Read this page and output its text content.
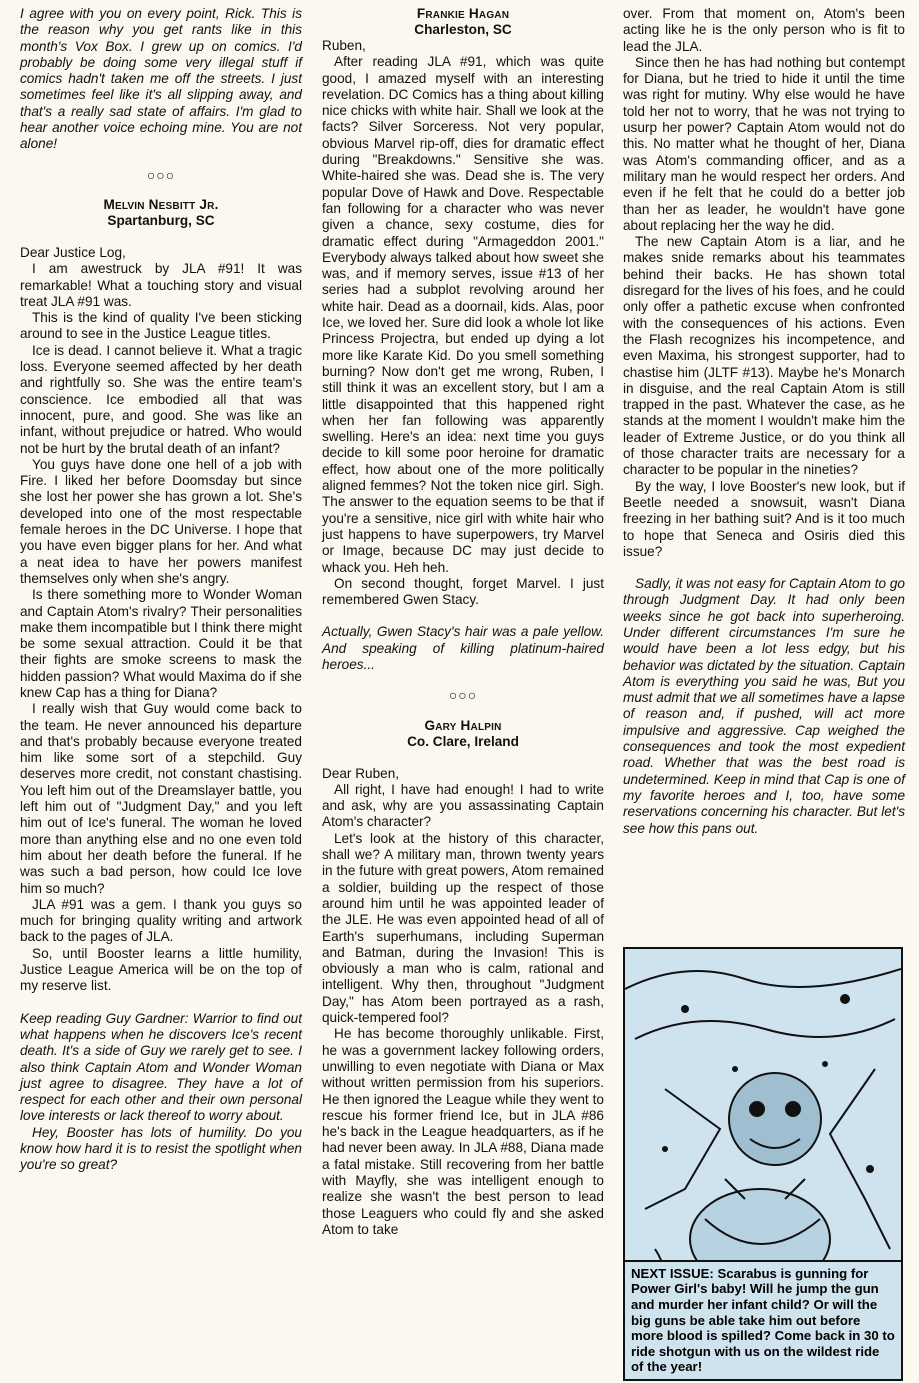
I agree with you on every point, Rick. This is the reason why you get rants like in this month's Vox Box. I grew up on comics. I'd probably be doing some very illegal stuff if comics hadn't taken me off the streets. I just sometimes feel like it's all slipping away, and that's a really sad state of affairs. I'm glad to hear another voice echoing mine. You are not alone!

○○○
Melvin Nesbitt Jr.
Spartanburg, SC

Dear Justice Log,

I am awestruck by JLA #91! It was remarkable! What a touching story and visual treat JLA #91 was.

This is the kind of quality I've been sticking around to see in the Justice League titles.

Ice is dead. I cannot believe it. What a tragic loss. Everyone seemed affected by her death and rightfully so. She was the entire team's conscience. Ice embodied all that was innocent, pure, and good. She was like an infant, without prejudice or hatred. Who would not be hurt by the brutal death of an infant?

You guys have done one hell of a job with Fire. I liked her before Doomsday but since she lost her power she has grown a lot. She's developed into one of the most respectable female heroes in the DC Universe. I hope that you have even bigger plans for her. And what a neat idea to have her powers manifest themselves only when she's angry.

Is there something more to Wonder Woman and Captain Atom's rivalry? Their personalities make them incompatible but I think there might be some sexual attraction. Could it be that their fights are smoke screens to mask the hidden passion? What would Maxima do if she knew Cap has a thing for Diana?

I really wish that Guy would come back to the team. He never announced his departure and that's probably because everyone treated him like some sort of a stepchild. Guy deserves more credit, not constant chastising. You left him out of the Dreamslayer battle, you left him out of "Judgment Day," and you left him out of Ice's funeral. The woman he loved more than anything else and no one even told him about her death before the funeral. If he was such a bad person, how could Ice love him so much?

JLA #91 was a gem. I thank you guys so much for bringing quality writing and artwork back to the pages of JLA.

So, until Booster learns a little humility, Justice League America will be on the top of my reserve list.

Keep reading Guy Gardner: Warrior to find out what happens when he discovers Ice's recent death. It's a side of Guy we rarely get to see. I also think Captain Atom and Wonder Woman just agree to disagree. They have a lot of respect for each other and their own personal love interests or lack thereof to worry about.

Hey, Booster has lots of humility. Do you know how hard it is to resist the spotlight when you're so great?

Frankie Hagan
Charleston, SC

Ruben,

After reading JLA #91, which was quite good, I amazed myself with an interesting revelation. DC Comics has a thing about killing nice chicks with white hair. Shall we look at the facts? Silver Sorceress. Not very popular, obvious Marvel rip-off, dies for dramatic effect during "Breakdowns." Sensitive she was. White-haired she was. Dead she is. The very popular Dove of Hawk and Dove. Respectable fan following for a character who was never given a chance, sexy costume, dies for dramatic effect during "Armageddon 2001." Everybody always talked about how sweet she was, and if memory serves, issue #13 of her series had a subplot revolving around her white hair. Dead as a doornail, kids. Alas, poor Ice, we loved her. Sure did look a whole lot like Princess Projectra, but ended up dying a lot more like Karate Kid. Do you smell something burning? Now don't get me wrong, Ruben, I still think it was an excellent story, but I am a little disappointed that this happened right when her fan following was apparently swelling. Here's an idea: next time you guys decide to kill some poor heroine for dramatic effect, how about one of the more politically aligned femmes? Not the token nice girl. Sigh. The answer to the equation seems to be that if you're a sensitive, nice girl with white hair who just happens to have superpowers, try Marvel or Image, because DC may just decide to whack you. Heh heh.

On second thought, forget Marvel. I just remembered Gwen Stacy.

Actually, Gwen Stacy's hair was a pale yellow. And speaking of killing platinum-haired heroes...

○○○
Gary Halpin
Co. Clare, Ireland

Dear Ruben,

All right, I have had enough! I had to write and ask, why are you assassinating Captain Atom's character?

Let's look at the history of this character, shall we? A military man, thrown twenty years in the future with great powers, Atom remained a soldier, building up the respect of those around him until he was appointed leader of the JLE. He was even appointed head of all of Earth's superhumans, including Superman and Batman, during the Invasion! This is obviously a man who is calm, rational and intelligent. Why then, throughout "Judgment Day," has Atom been portrayed as a rash, quick-tempered fool?

He has become thoroughly unlikable. First, he was a government lackey following orders, unwilling to even negotiate with Diana or Max without written permission from his superiors. He then ignored the League while they went to rescue his former friend Ice, but in JLA #86 he's back in the League headquarters, as if he had never been away. In JLA #88, Diana made a fatal mistake. Still recovering from her battle with Mayfly, she was intelligent enough to realize she wasn't the best person to lead those Leaguers who could fly and she asked Atom to take

over. From that moment on, Atom's been acting like he is the only person who is fit to lead the JLA.

Since then he has had nothing but contempt for Diana, but he tried to hide it until the time was right for mutiny. Why else would he have told her not to worry, that he was not trying to usurp her power? Captain Atom would not do this. No matter what he thought of her, Diana was Atom's commanding officer, and as a military man he would respect her orders. And even if he felt that he could do a better job than her as leader, he wouldn't have gone about replacing her the way he did.

The new Captain Atom is a liar, and he makes snide remarks about his teammates behind their backs. He has shown total disregard for the lives of his foes, and he could only offer a pathetic excuse when confronted with the consequences of his actions. Even the Flash recognizes his incompetence, and even Maxima, his strongest supporter, had to chastise him (JLTF #13). Maybe he's Monarch in disguise, and the real Captain Atom is still trapped in the past. Whatever the case, as he stands at the moment I wouldn't make him the leader of Extreme Justice, or do you think all of those character traits are necessary for a character to be popular in the nineties?

By the way, I love Booster's new look, but if Beetle needed a snowsuit, wasn't Diana freezing in her bathing suit? And is it too much to hope that Seneca and Osiris died this issue?

Sadly, it was not easy for Captain Atom to go through Judgment Day. It had only been weeks since he got back into superheroing. Under different circumstances I'm sure he would have been a lot less edgy, but his behavior was dictated by the situation. Captain Atom is everything you said he was, But you must admit that we all sometimes have a lapse of reason and, if pushed, will act more impulsive and aggressive. Cap weighed the consequences and took the most expedient road. Whether that was the best road is undetermined. Keep in mind that Cap is one of my favorite heroes and I, too, have some reservations concerning his character. But let's see how this pans out.

NEXT ISSUE: Scarabus is gunning for Power Girl's baby! Will he jump the gun and murder her infant child? Or will the big guns be able take him out before more blood is spilled? Come back in 30 to ride shotgun with us on the wildest ride of the year!
